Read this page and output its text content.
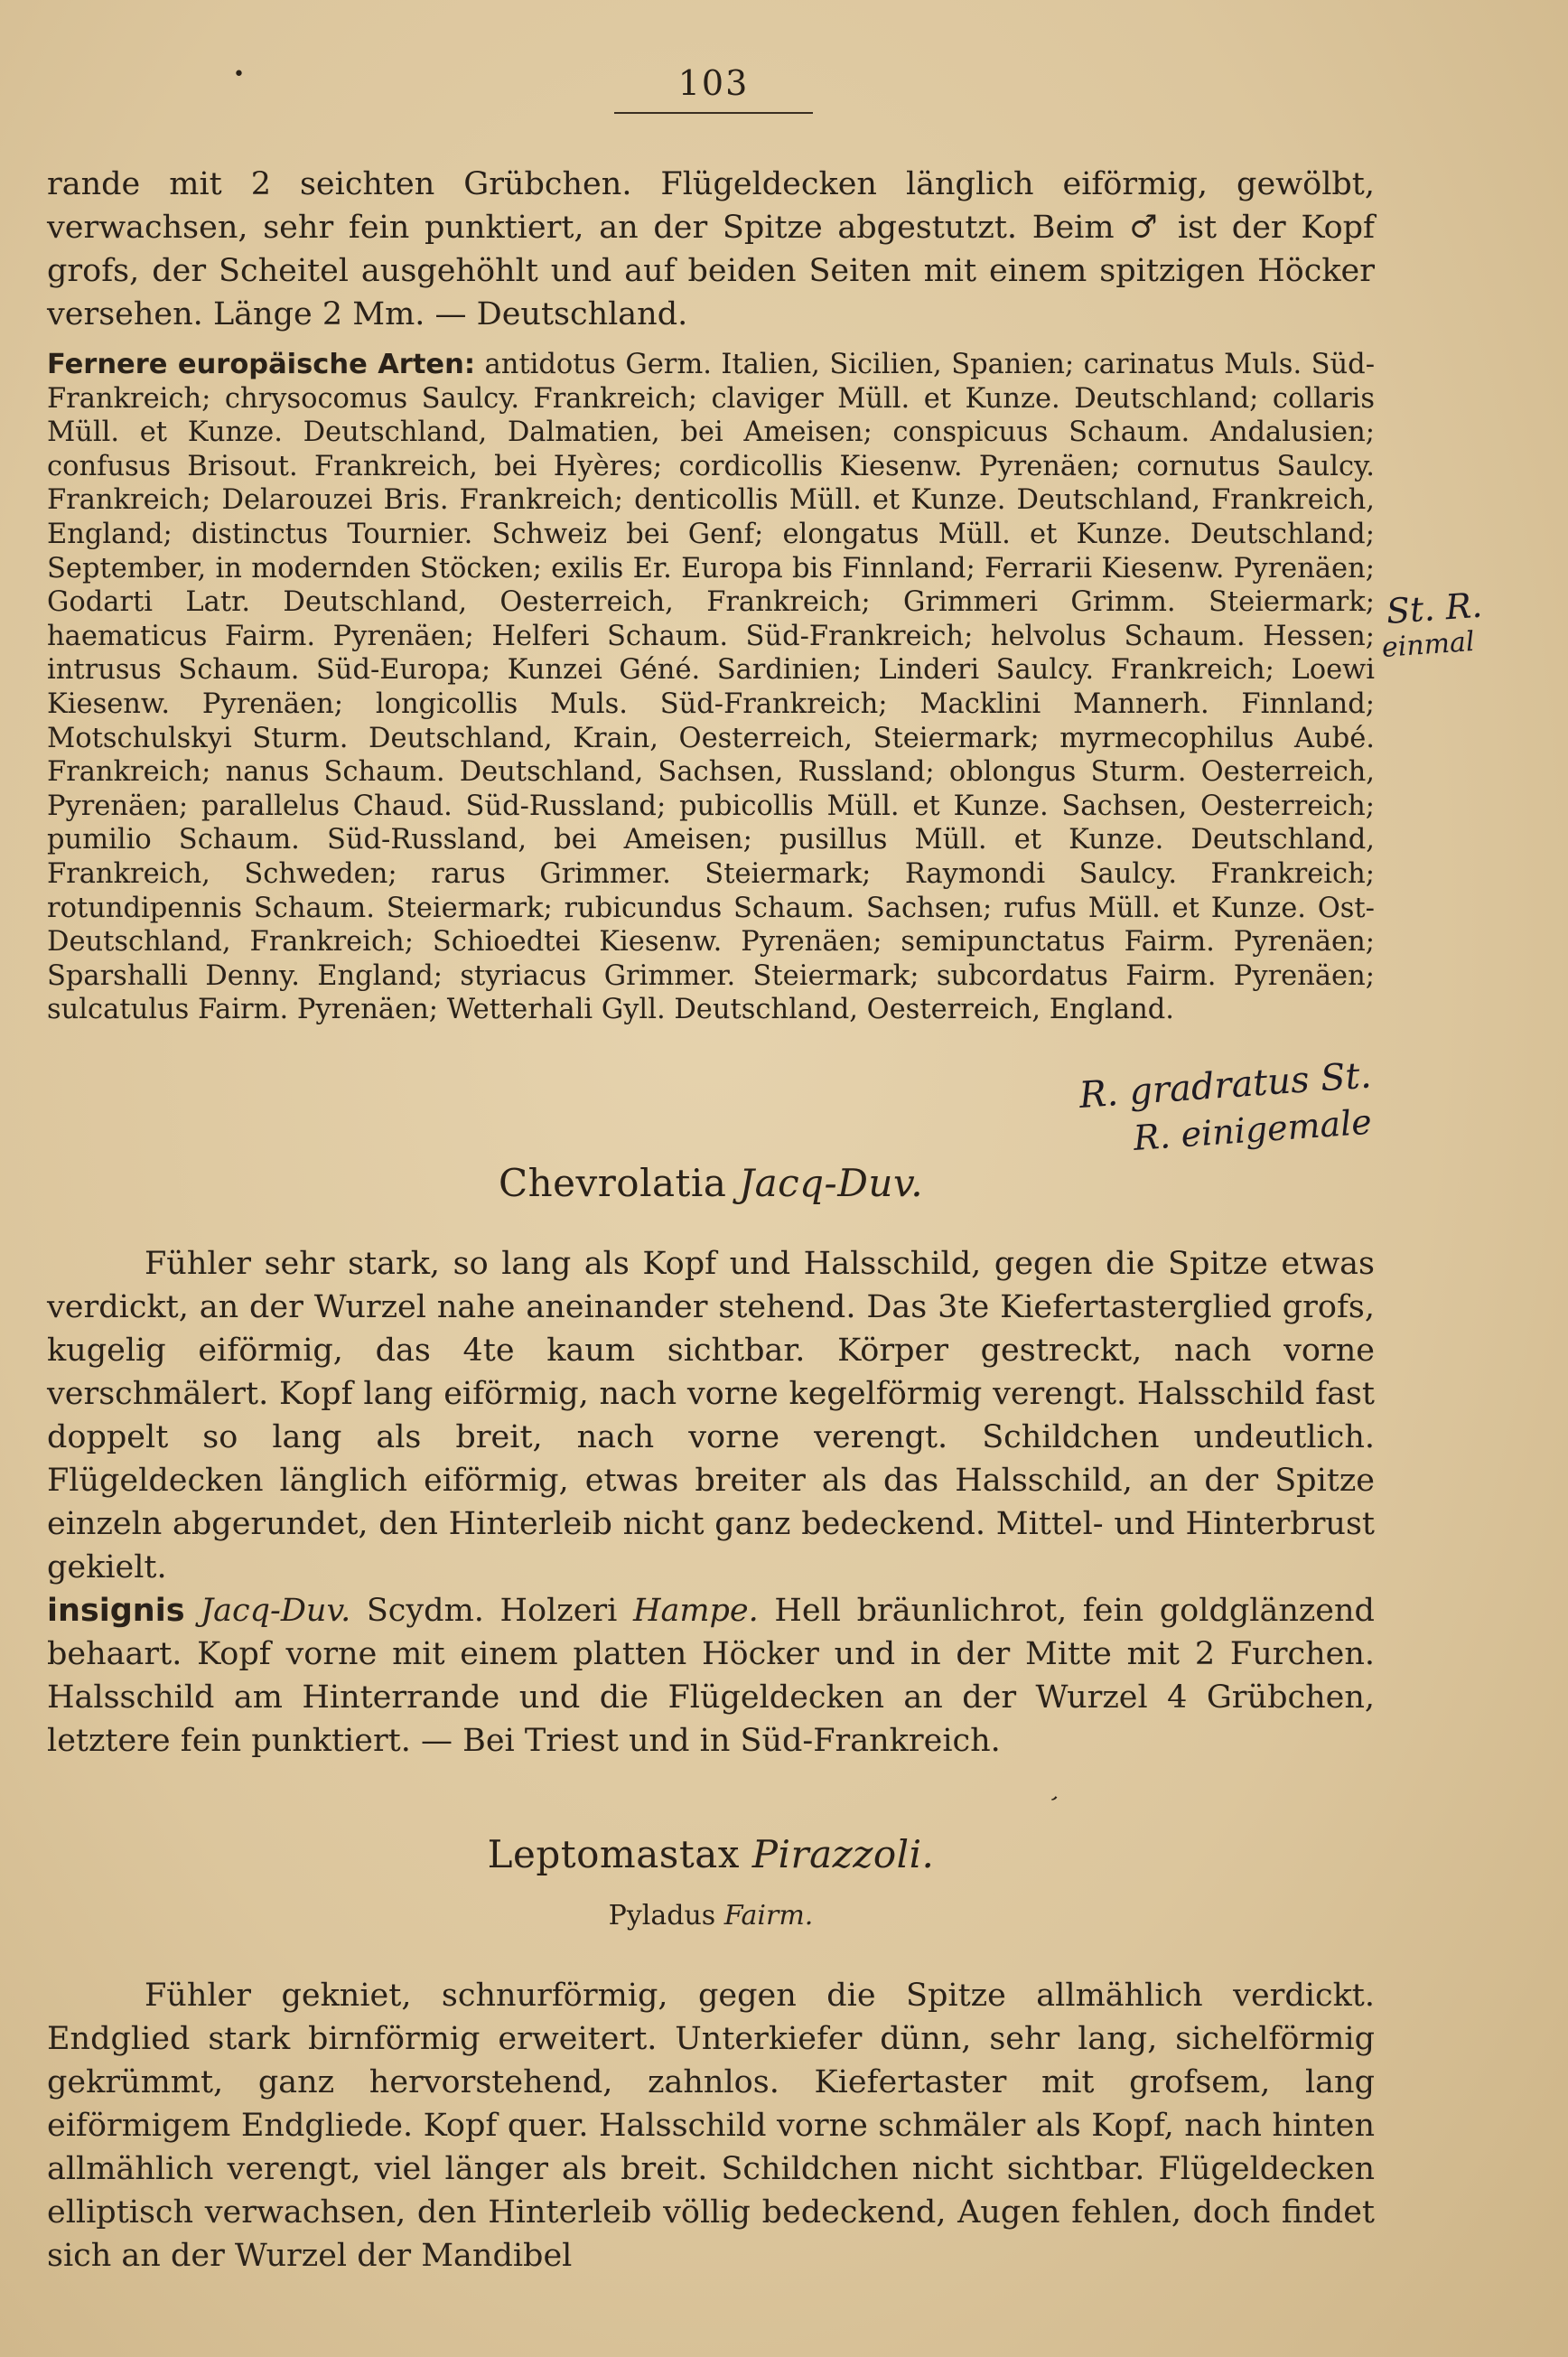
•	103

rande mit 2 seichten Grübchen. Flügeldecken länglich eiförmig, gewölbt, verwachsen, sehr fein punktiert, an der Spitze abgestutzt. Beim ♂ ist der Kopf grofs, der Scheitel ausgehöhlt und auf beiden Seiten mit einem spitzigen Höcker versehen. Länge 2 Mm. — Deutschland.

Fernere europäische Arten: antidotus Germ. Italien, Sicilien, Spanien; carinatus Muls. Süd-Frankreich; chrysocomus Saulcy. Frankreich; claviger Müll. et Kunze. Deutschland; collaris Müll. et Kunze. Deutschland, Dalmatien, bei Ameisen; conspicuus Schaum. Andalusien; confusus Brisout. Frankreich, bei Hyères; cordicollis Kiesenw. Pyrenäen; cornutus Saulcy. Frankreich; Delarouzei Bris. Frankreich; denticollis Müll. et Kunze. Deutschland, Frankreich, England; distinctus Tournier. Schweiz bei Genf; elongatus Müll. et Kunze. Deutschland; September, in modernden Stöcken; exilis Er. Europa bis Finnland; Ferrarii Kiesenw. Pyrenäen; Godarti Latr. Deutschland, Oesterreich, Frankreich; Grimmeri Grimm. Steiermark; haematicus Fairm. Pyrenäen; Helferi Schaum. Süd-Frankreich; helvolus Schaum. Hessen; intrusus Schaum. Süd-Europa; Kunzei Géné. Sardinien; Linderi Saulcy. Frankreich; Loewi Kiesenw. Pyrenäen; longicollis Muls. Süd-Frankreich; Macklini Mannerh. Finnland; Motschulskyi Sturm. Deutschland, Krain, Oesterreich, Steiermark; myrmecophilus Aubé. Frankreich; nanus Schaum. Deutschland, Sachsen, Russland; oblongus Sturm. Oesterreich, Pyrenäen; parallelus Chaud. Süd-Russland; pubicollis Müll. et Kunze. Sachsen, Oesterreich; pumilio Schaum. Süd-Russland, bei Ameisen; pusillus Müll. et Kunze. Deutschland, Frankreich, Schweden; rarus Grimmer. Steiermark; Raymondi Saulcy. Frankreich; rotundipennis Schaum. Steiermark; rubicundus Schaum. Sachsen; rufus Müll. et Kunze. Ost-Deutschland, Frankreich; Schioedtei Kiesenw. Pyrenäen; semipunctatus Fairm. Pyrenäen; Sparshalli Denny. England; styriacus Grimmer. Steiermark; subcordatus Fairm. Pyrenäen; sulcatulus Fairm. Pyrenäen; Wetterhali Gyll. Deutschland, Oesterreich, England.

St. R.
einmal
R. gradratus St.
R. einigemale
Chevrolatia Jacq-Duv.

Fühler sehr stark, so lang als Kopf und Halsschild, gegen die Spitze etwas verdickt, an der Wurzel nahe aneinander stehend. Das 3te Kiefertasterglied grofs, kugelig eiförmig, das 4te kaum sichtbar. Körper gestreckt, nach vorne verschmälert. Kopf lang eiförmig, nach vorne kegelförmig verengt. Halsschild fast doppelt so lang als breit, nach vorne verengt. Schildchen undeutlich. Flügeldecken länglich eiförmig, etwas breiter als das Halsschild, an der Spitze einzeln abgerundet, den Hinterleib nicht ganz bedeckend. Mittel- und Hinterbrust gekielt.

insignis Jacq-Duv. Scydm. Holzeri Hampe. Hell bräunlichrot, fein goldglänzend behaart. Kopf vorne mit einem platten Höcker und in der Mitte mit 2 Furchen. Halsschild am Hinterrande und die Flügeldecken an der Wurzel 4 Grübchen, letztere fein punktiert. — Bei Triest und in Süd-Frankreich.

,
Leptomastax Pirazzoli.
Pyladus Fairm.

Fühler gekniet, schnurförmig, gegen die Spitze allmählich verdickt. Endglied stark birnförmig erweitert. Unterkiefer dünn, sehr lang, sichelförmig gekrümmt, ganz hervorstehend, zahnlos. Kiefertaster mit grofsem, lang eiförmigem Endgliede. Kopf quer. Halsschild vorne schmäler als Kopf, nach hinten allmählich verengt, viel länger als breit. Schildchen nicht sichtbar. Flügeldecken elliptisch verwachsen, den Hinterleib völlig bedeckend, Augen fehlen, doch findet sich an der Wurzel der Mandibel
